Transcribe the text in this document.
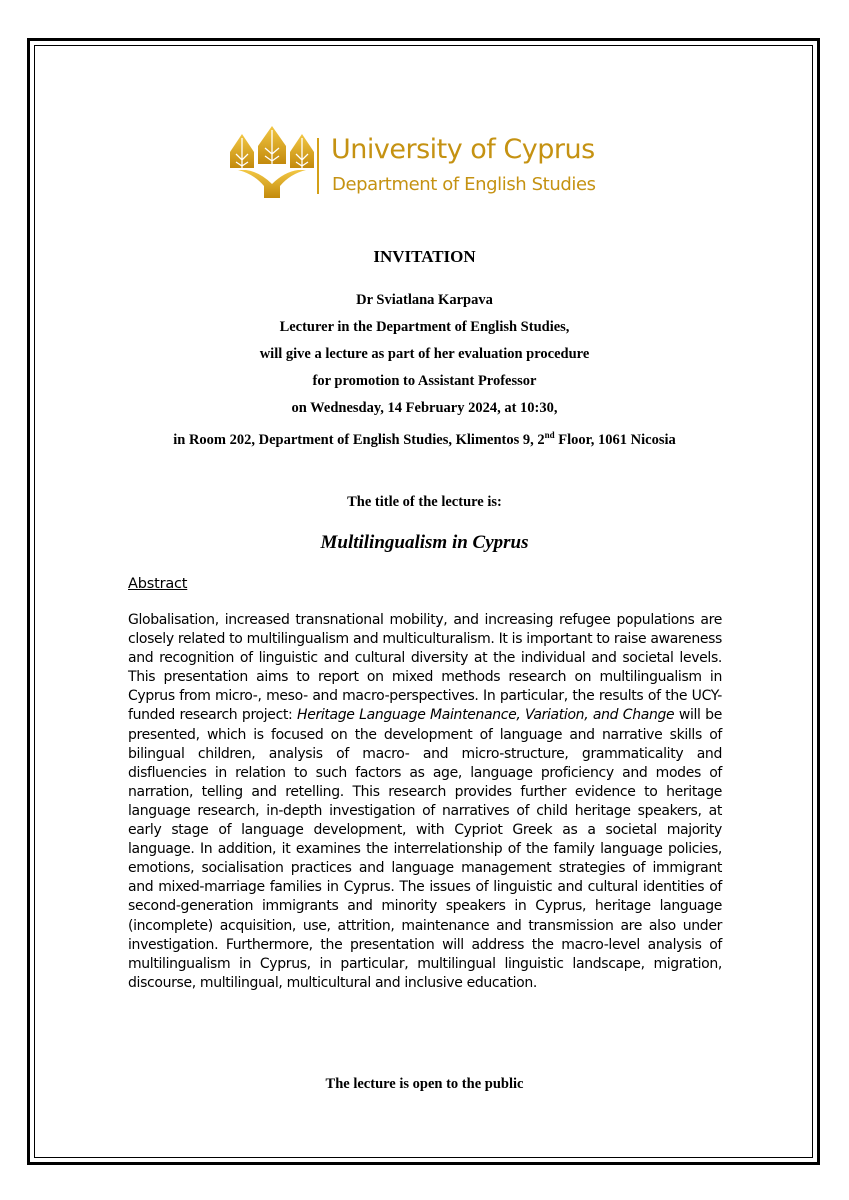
University of Cyprus
Department of English Studies
INVITATION
Dr Sviatlana Karpava
Lecturer in the Department of English Studies,
will give a lecture as part of her evaluation procedure
for promotion to Assistant Professor
on Wednesday, 14 February 2024, at 10:30,
in Room 202, Department of English Studies, Klimentos 9, 2nd Floor, 1061 Nicosia
The title of the lecture is:
Multilingualism in Cyprus
Abstract
Globalisation, increased transnational mobility, and increasing refugee populations are closely related to multilingualism and multiculturalism. It is important to raise awareness and recognition of linguistic and cultural diversity at the individual and societal levels. This presentation aims to report on mixed methods research on multilingualism in Cyprus from micro-, meso- and macro-perspectives. In particular, the results of the UCY-funded research project: Heritage Language Maintenance, Variation, and Change will be presented, which is focused on the development of language and narrative skills of bilingual children, analysis of macro- and micro-structure, grammaticality and disfluencies in relation to such factors as age, language proficiency and modes of narration, telling and retelling. This research provides further evidence to heritage language research, in-depth investigation of narratives of child heritage speakers, at early stage of language development, with Cypriot Greek as a societal majority language. In addition, it examines the interrelationship of the family language policies, emotions, socialisation practices and language management strategies of immigrant and mixed-marriage families in Cyprus. The issues of linguistic and cultural identities of second-generation immigrants and minority speakers in Cyprus, heritage language (incomplete) acquisition, use, attrition, maintenance and transmission are also under investigation. Furthermore, the presentation will address the macro-level analysis of multilingualism in Cyprus, in particular, multilingual linguistic landscape, migration, discourse, multilingual, multicultural and inclusive education.
The lecture is open to the public
